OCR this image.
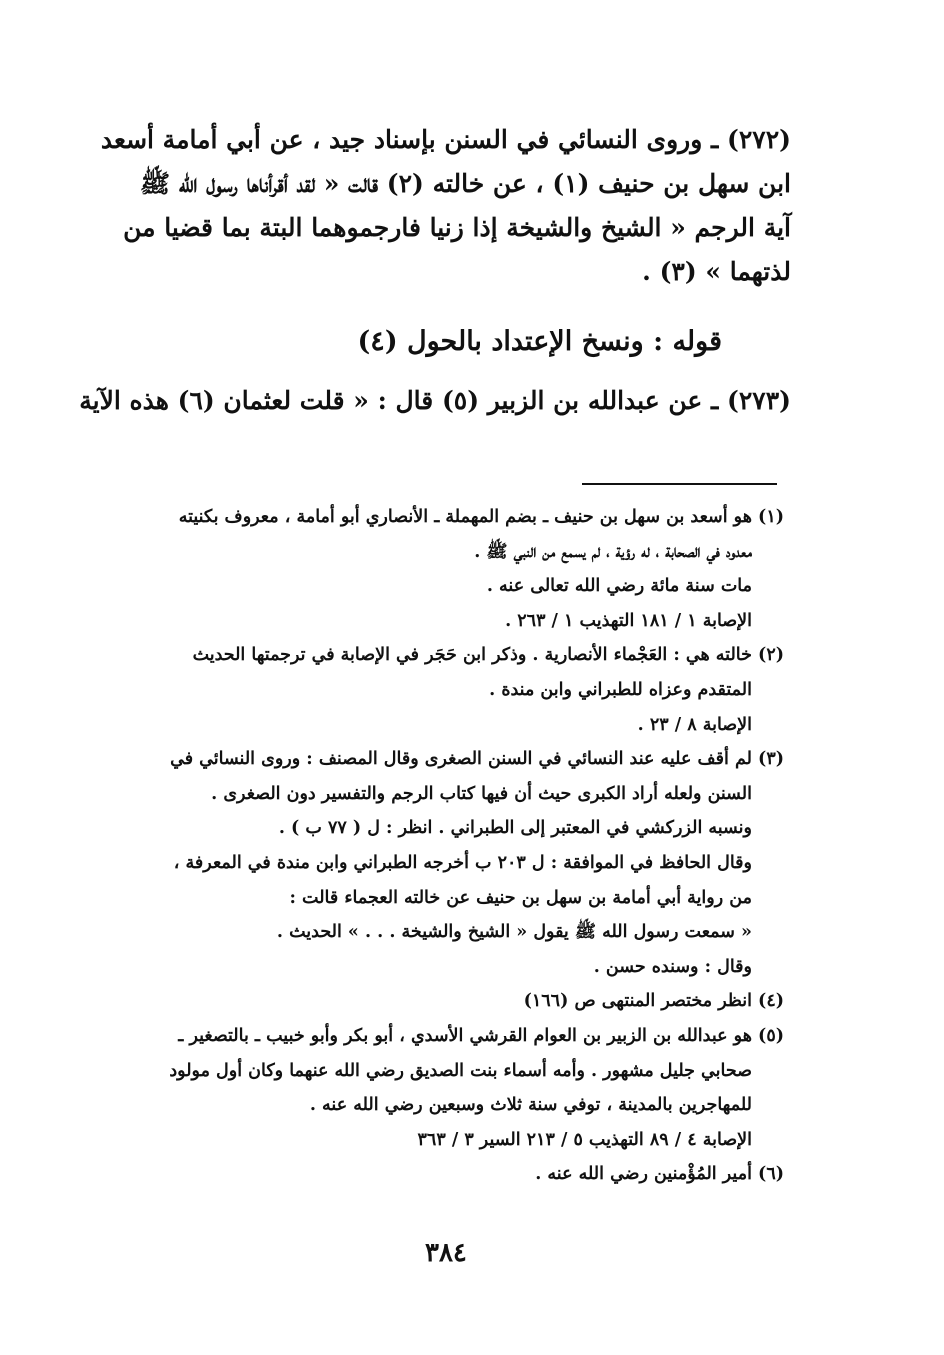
(٢٧٢) ـ وروى النسائي في السنن بإسناد جيد ، عن أبي أمامة أسعد
ابن سهل بن حنيف (١) ، عن خالته (٢) قالت « لقد أقرأناها رسول الله ﷺ
آية الرجم « الشيخ والشيخة إذا زنيا فارجموهما البتة بما قضيا من
لذتهما » (٣) .
قوله : ونسخ الإعتداد بالحول (٤)
(٢٧٣) ـ عن عبدالله بن الزبير (٥) قال : « قلت لعثمان (٦) هذه الآية
(١) هو أسعد بن سهل بن حنيف ـ بضم المهملة ـ الأنصاري أبو أمامة ، معروف بكنيته
معدود في الصحابة ، له رؤية ، لم يسمع من النبي ﷺ .
مات سنة مائة رضي الله تعالى عنه .
الإصابة ١ / ١٨١ التهذيب ١ / ٢٦٣ .
(٢) خالته هي : العَجْماء الأنصارية . وذكر ابن حَجَر في الإصابة في ترجمتها الحديث
المتقدم وعزاه للطبراني وابن مندة .
الإصابة ٨ / ٢٣ .
(٣) لم أقف عليه عند النسائي في السنن الصغرى وقال المصنف : وروى النسائي في
السنن ولعله أراد الكبرى حيث أن فيها كتاب الرجم والتفسير دون الصغرى .
ونسبه الزركشي في المعتبر إلى الطبراني . انظر : ل ( ٧٧ ب ) .
وقال الحافظ في الموافقة : ل ٢٠٣ ب أخرجه الطبراني وابن مندة في المعرفة ،
من رواية أبي أمامة بن سهل بن حنيف عن خالته العجماء قالت :
« سمعت رسول الله ﷺ يقول « الشيخ والشيخة . . . » الحديث .
وقال : وسنده حسن .
(٤) انظر مختصر المنتهى ص (١٦٦)
(٥) هو عبدالله بن الزبير بن العوام القرشي الأسدي ، أبو بكر وأبو خبيب ـ بالتصغير ـ
صحابي جليل مشهور . وأمه أسماء بنت الصديق رضي الله عنهما وكان أول مولود
للمهاجرين بالمدينة ، توفي سنة ثلاث وسبعين رضي الله عنه .
الإصابة ٤ / ٨٩ التهذيب ٥ / ٢١٣ السير ٣ / ٣٦٣
(٦) أمير المُؤْمنين رضي الله عنه .
٣٨٤
